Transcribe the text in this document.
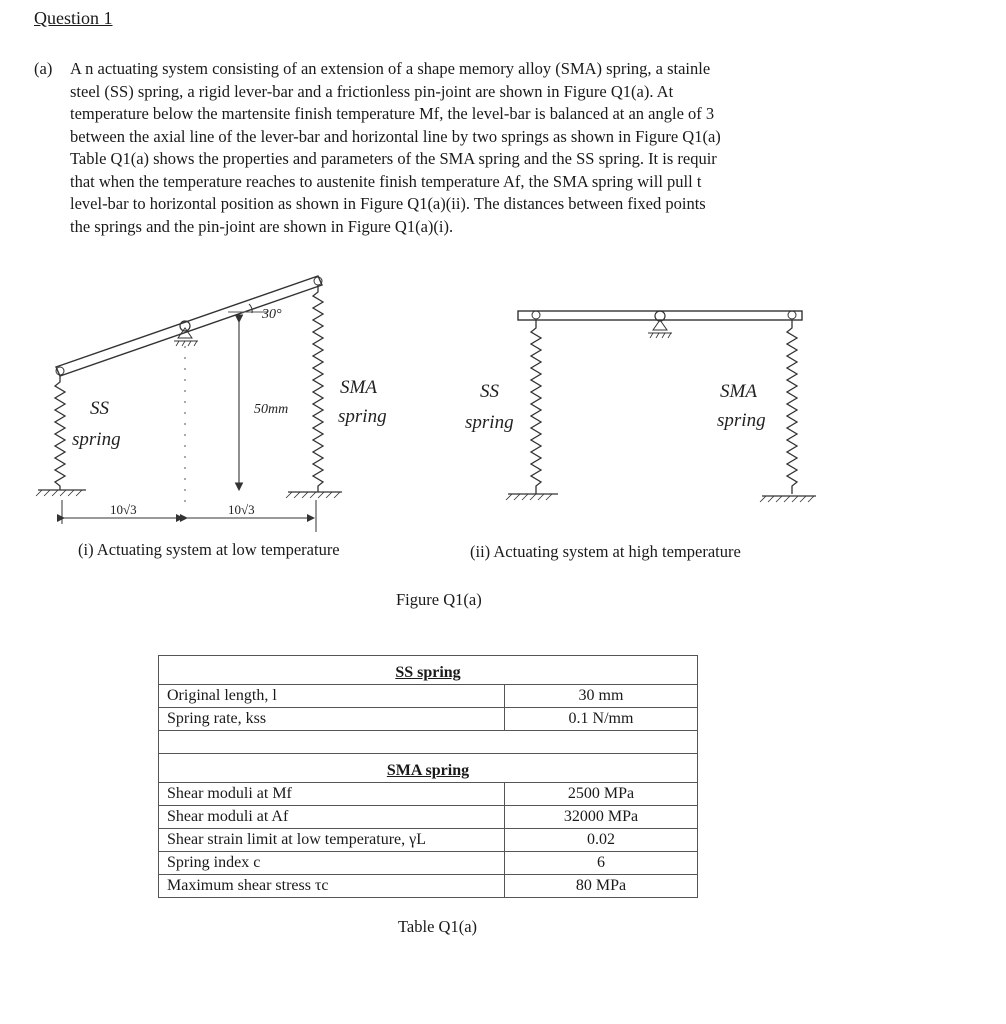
Question 1
(a) A n actuating system consisting of an extension of a shape memory alloy (SMA) spring, a stainle
steel (SS) spring, a rigid lever-bar and a frictionless pin-joint are shown in Figure Q1(a). At
temperature below the martensite finish temperature Mf, the level-bar is balanced at an angle of 3
between the axial line of the lever-bar and horizontal line by two springs as shown in Figure Q1(a)
Table Q1(a) shows the properties and parameters of the SMA spring and the SS spring. It is requir
that when the temperature reaches to austenite finish temperature Af, the SMA spring will pull t
level-bar to horizontal position as shown in Figure Q1(a)(ii). The distances between fixed points
the springs and the pin-joint are shown in Figure Q1(a)(i).
30°
50mm
SS
spring
SMA
spring
10√3	10√3
SS
spring
SMA
spring
(i) Actuating system at low temperature	(ii) Actuating system at high temperature
Figure Q1(a)
SS spring	
Original length, l	30 mm
Spring rate, kss	0.1 N/mm

SMA spring	
Shear moduli at Mf	2500 MPa
Shear moduli at Af	32000 MPa
Shear strain limit at low temperature, γL	0.02
Spring index c	6
Maximum shear stress τc	80 MPa
Table Q1(a)
